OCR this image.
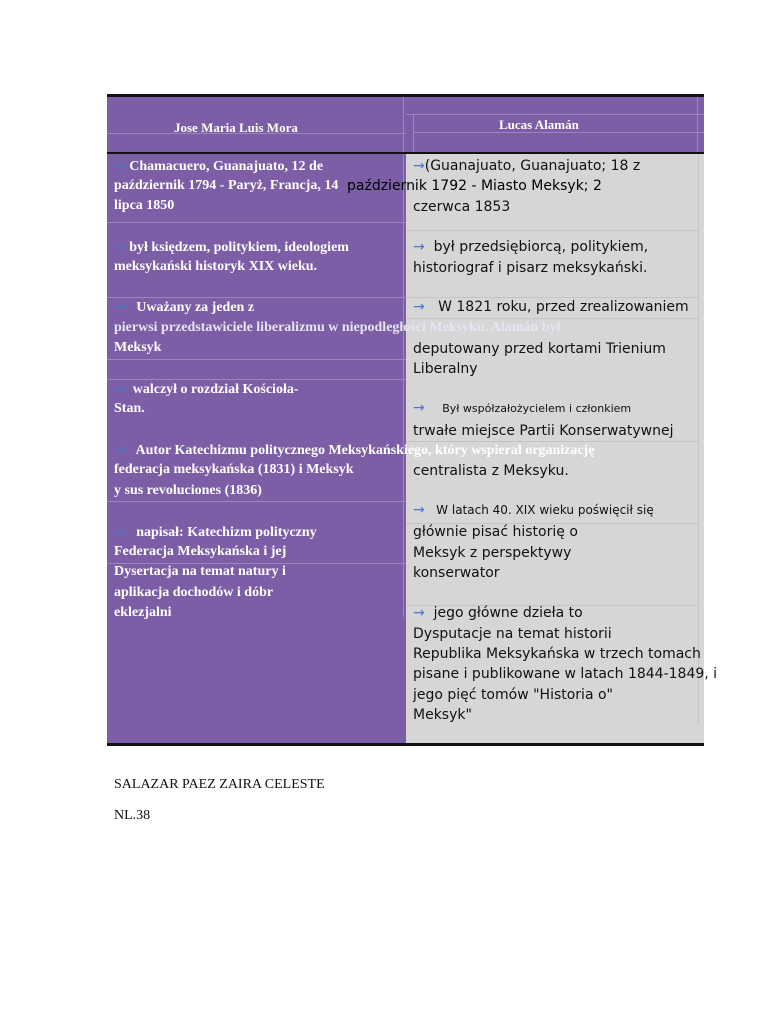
Jose Maria Luis Mora	Lucas Alamán
→ Chamacuero, Guanajuato, 12 de
październik 1794 - Paryż, Francja, 14
lipca 1850
→ był księdzem, politykiem, ideologiem
meksykański historyk XIX wieku.
→   Uważany za jeden z
pierwsi przedstawiciele liberalizmu w niepodległości Meksyku. Alamán był
Meksyk
→  walczył o rozdział Kościoła-
Stan.
→   Autor Katechizmu politycznego Meksykańskiego, który wspierał organizację
federacja meksykańska (1831) i Meksyk
y sus revoluciones (1836)
→   napisał: Katechizm polityczny
Federacja Meksykańska i jej
Dysertacja na temat natury i
aplikacja dochodów i dóbr
eklezjalni
→(Guanajuato, Guanajuato; 18 z
październik 1792 - Miasto Meksyk; 2
czerwca 1853
→  był przedsiębiorcą, politykiem,
historiograf i pisarz meksykański.
→   W 1821 roku, przed zrealizowaniem
deputowany przed kortami Trienium
Liberalny
→     Był współzałożycielem i członkiem
trwałe miejsce Partii Konserwatywnej
centralista z Meksyku.
→   W latach 40. XIX wieku poświęcił się
głównie pisać historię o
Meksyk z perspektywy
konserwator
→  jego główne dzieła to
Dysputacje na temat historii
Republika Meksykańska w trzech tomach
pisane i publikowane w latach 1844-1849, i
jego pięć tomów "Historia o"
Meksyk"
SALAZAR PAEZ ZAIRA CELESTE
NL.38
